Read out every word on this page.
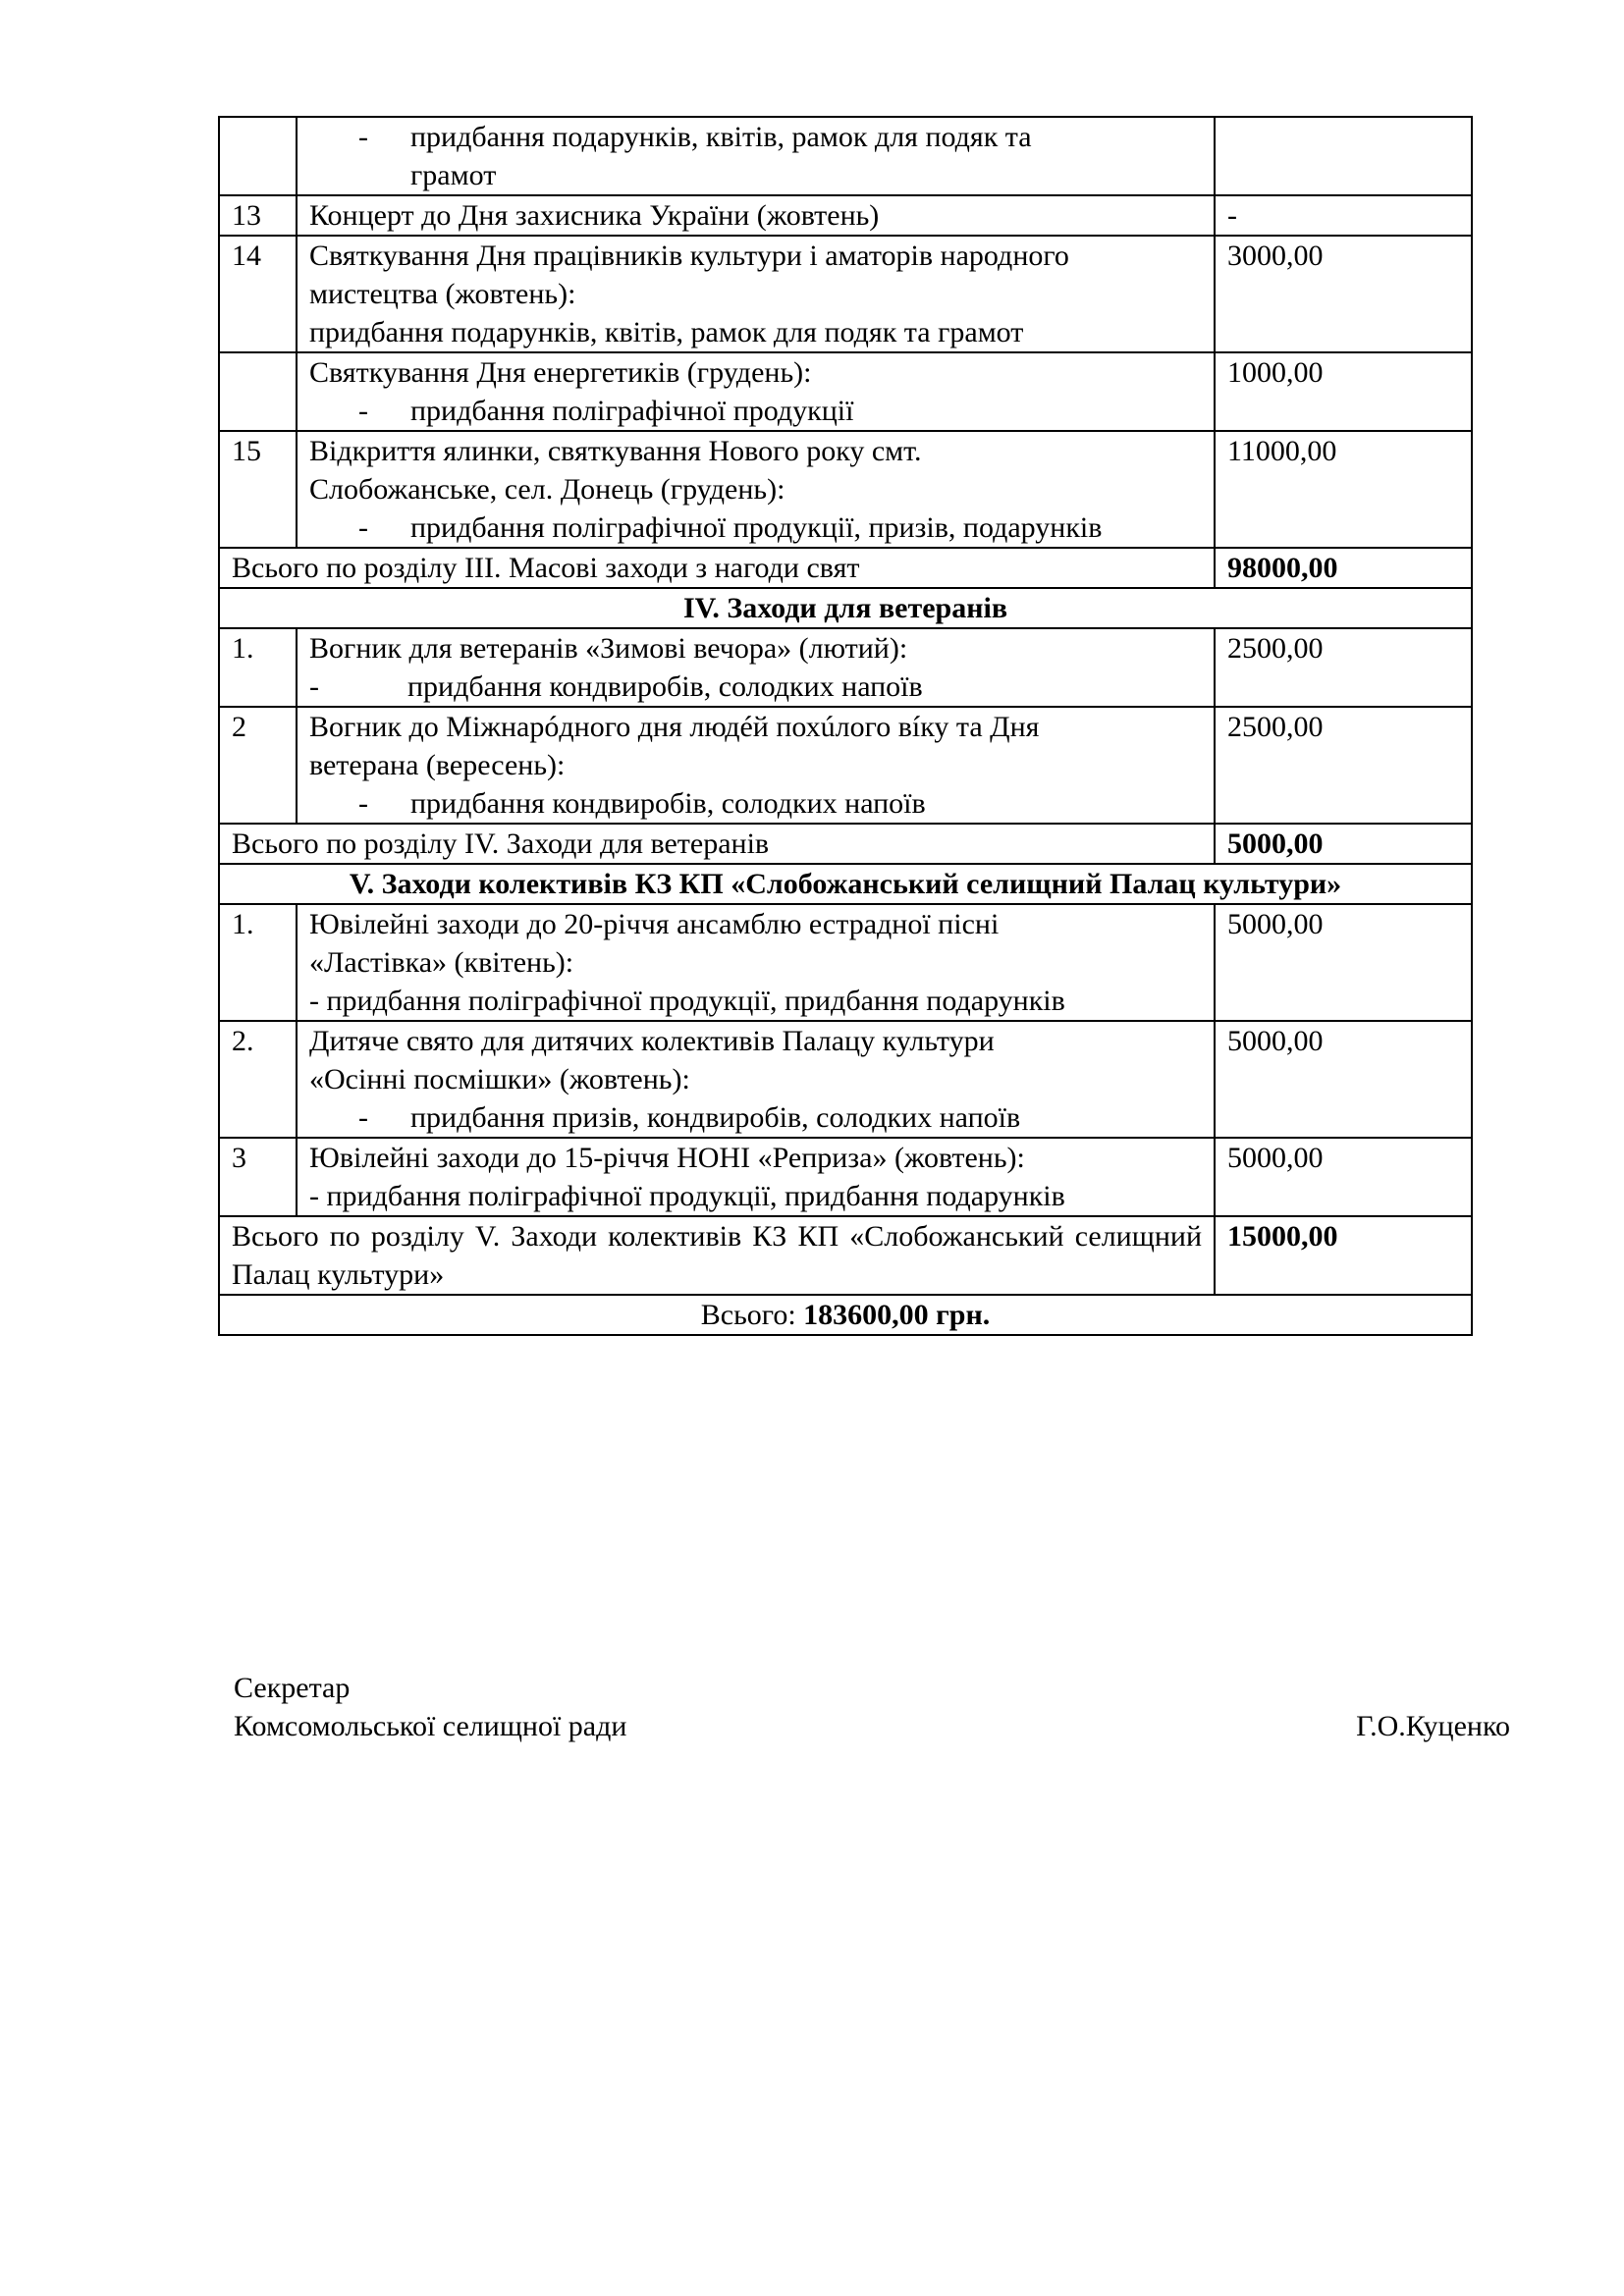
	- придбання подарунків, квітів, рамок для подяк та
грамот	

13	Концерт до Дня захисника України (жовтень)	-
14	Святкування Дня працівників культури і аматорів народного
мистецтва (жовтень):
придбання подарунків, квітів, рамок для подяк та грамот	3000,00

	Святкування Дня енергетиків (грудень):
- придбання поліграфічної продукції	1000,00
15	Відкриття ялинки, святкування Нового року смт.
Слобожанське, сел. Донець (грудень):
- придбання поліграфічної продукції, призів, подарунків	11000,00
Всього по розділу ІІІ. Масові заходи з нагоди свят		98000,00
IV. Заходи для ветеранів		
1.	Вогник для ветеранів «Зимові вечора» (лютий):
- придбання кондвиробів, солодких напоїв	2500,00
2	Вогник до Міжнарóдного дня людéй похúлого вíку та Дня
ветерана (вересень):
- придбання кондвиробів, солодких напоїв	2500,00
Всього по розділу IV. Заходи для ветеранів		5000,00
V. Заходи колективів КЗ КП «Слобожанський селищний Палац культури»		
1.	Ювілейні заходи до 20-річчя ансамблю естрадної пісні
«Ластівка» (квітень):
- придбання поліграфічної продукції, придбання подарунків	5000,00
2.	Дитяче свято для дитячих колективів Палацу культури
«Осінні посмішки» (жовтень):
- придбання призів, кондвиробів, солодких напоїв	5000,00
3	Ювілейні заходи до 15-річчя НОНІ «Реприза» (жовтень):
- придбання поліграфічної продукції, придбання подарунків	5000,00
Всього по розділу V. Заходи колективів КЗ КП «Слобожанський селищний Палац культури»		15000,00
Всього: 183600,00 грн.		
Секретар
Комсомольської селищної ради	Г.О.Куценко
